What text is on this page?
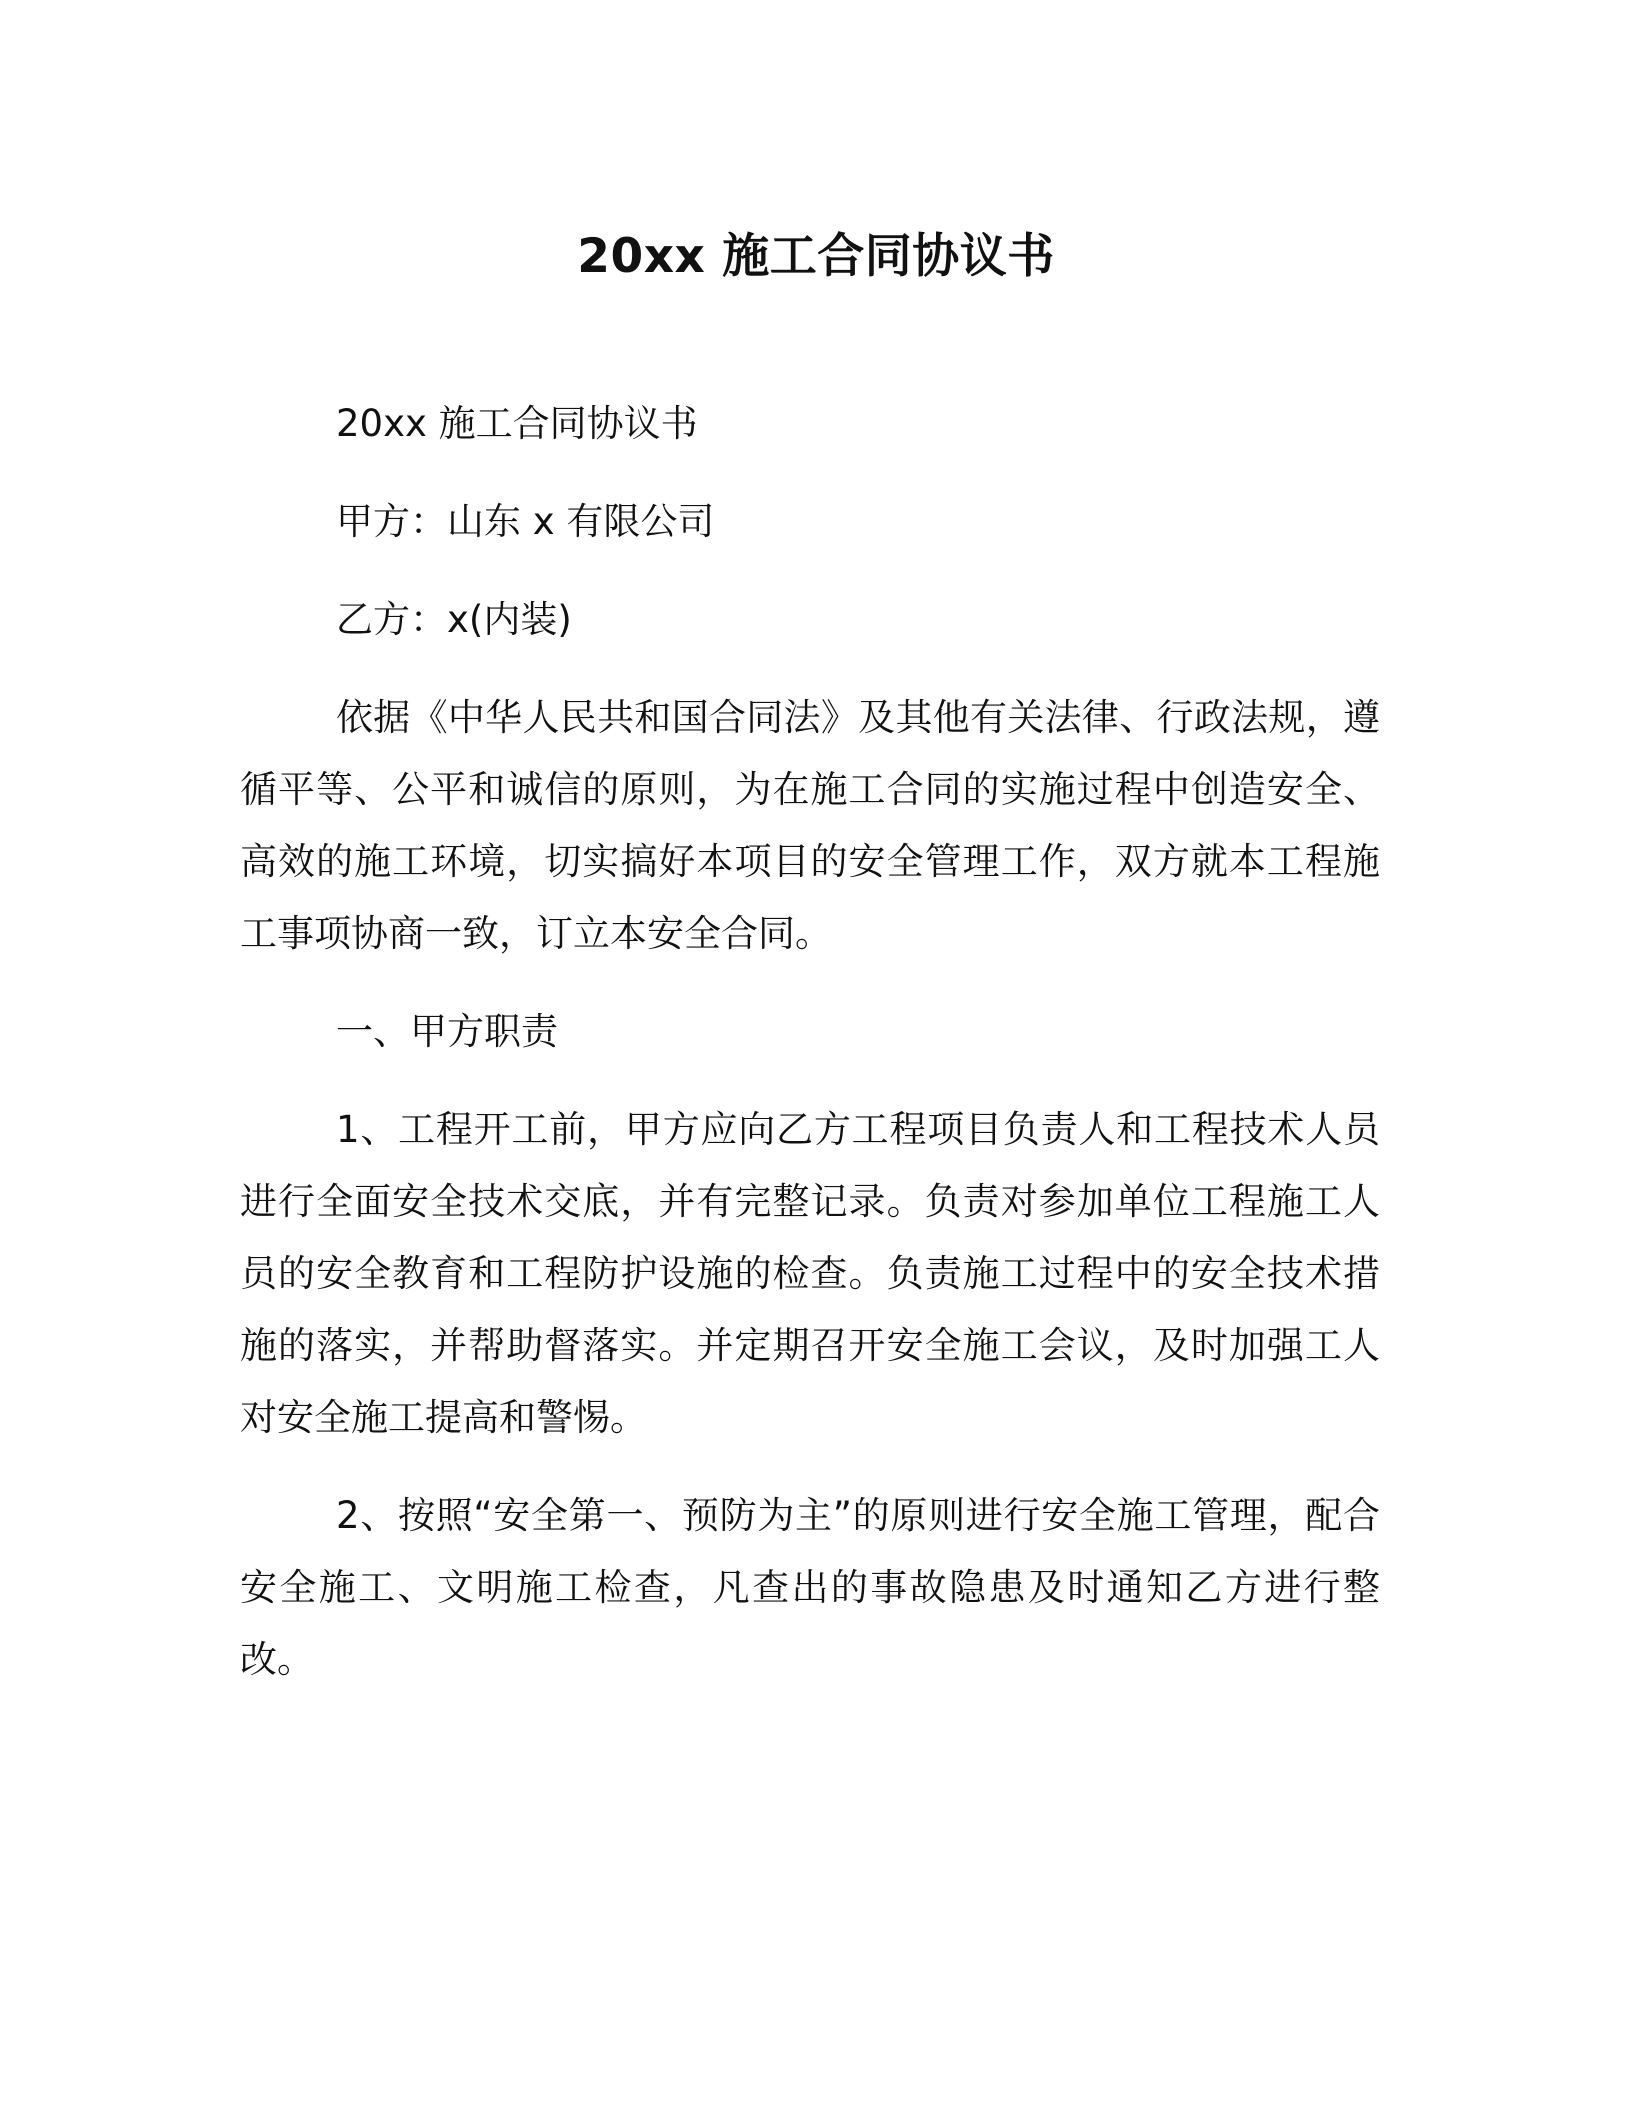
20xx 施工合同协议书

20xx 施工合同协议书

甲方：山东 x 有限公司

乙方：x(内装)

依据《中华人民共和国合同法》及其他有关法律、行政法规，遵循平等、公平和诚信的原则，为在施工合同的实施过程中创造安全、高效的施工环境，切实搞好本项目的安全管理工作，双方就本工程施工事项协商一致，订立本安全合同。

一、甲方职责

1、工程开工前，甲方应向乙方工程项目负责人和工程技术人员进行全面安全技术交底，并有完整记录。负责对参加单位工程施工人员的安全教育和工程防护设施的检查。负责施工过程中的安全技术措施的落实，并帮助督落实。并定期召开安全施工会议，及时加强工人对安全施工提高和警惕。

2、按照“安全第一、预防为主”的原则进行安全施工管理，配合安全施工、文明施工检查，凡查出的事故隐患及时通知乙方进行整改。
